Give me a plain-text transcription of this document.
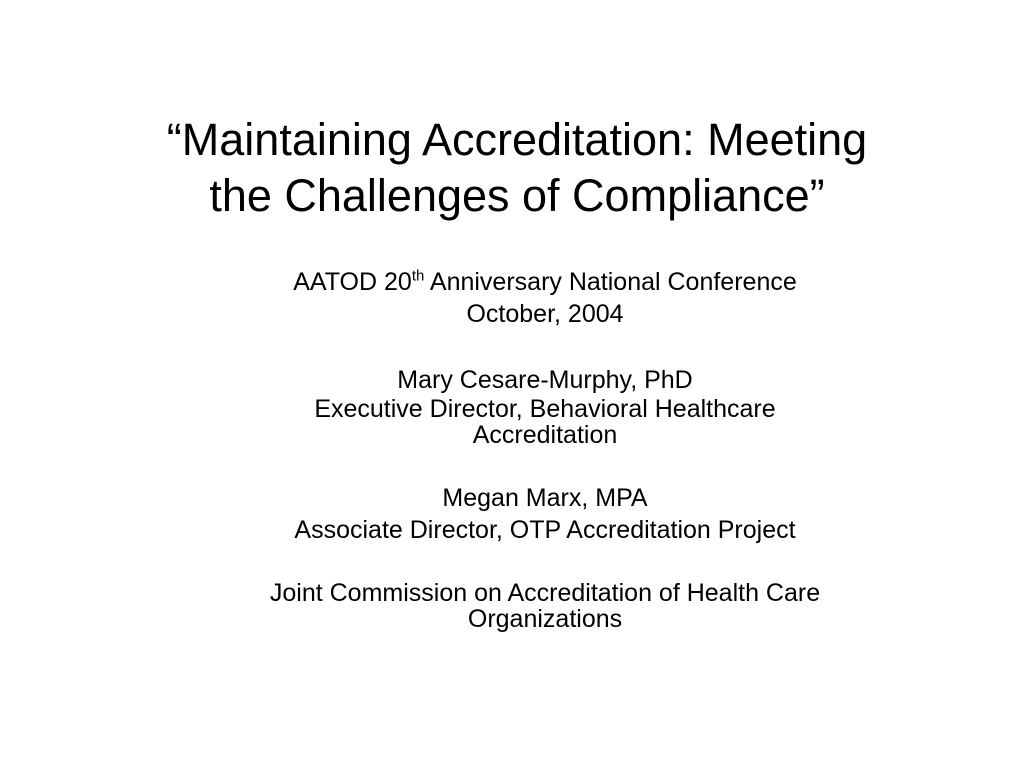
“Maintaining Accreditation: Meeting
the Challenges of Compliance”
AATOD 20th Anniversary National Conference
October, 2004
Mary Cesare-Murphy, PhD
Executive Director, Behavioral Healthcare
Accreditation
Megan Marx, MPA
Associate Director, OTP Accreditation Project
Joint Commission on Accreditation of Health Care
Organizations
